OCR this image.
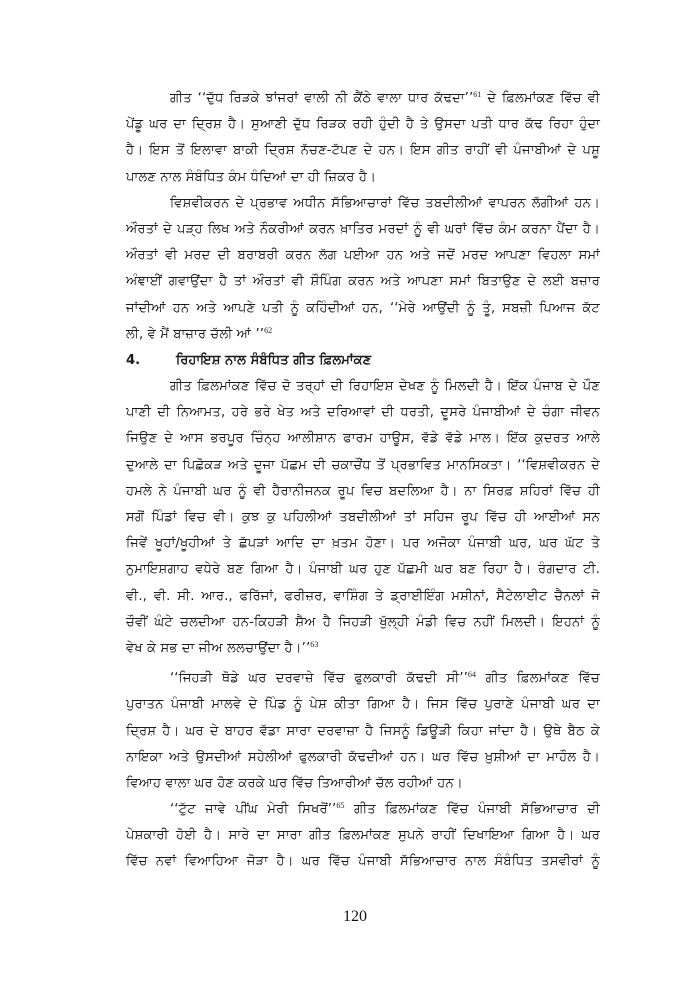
ਗੀਤ ‘‘ਦੁੱਧ ਰਿੜਕੇ ਝਾਂਜਰਾਂ ਵਾਲੀ ਨੀ ਕੈਂਠੇ ਵਾਲਾ ਧਾਰ ਕੱਢਦਾ’’$^{61}$ ਦੇ ਫ਼ਿਲਮਾਂਕਣ ਵਿੱਚ ਵੀ
ਪੇਂਡੂ ਘਰ ਦਾ ਦ੍ਰਿਸ਼ ਹੈ। ਸੁਆਣੀ ਦੁੱਧ ਰਿੜਕ ਰਹੀ ਹੁੰਦੀ ਹੈ ਤੇ ਉਸਦਾ ਪਤੀ ਧਾਰ ਕੱਢ ਰਿਹਾ ਹੁੰਦਾ
ਹੈ। ਇਸ ਤੋਂ ਇਲਾਵਾ ਬਾਕੀ ਦ੍ਰਿਸ਼ ਨੱਚਣ-ਟੱਪਣ ਦੇ ਹਨ। ਇਸ ਗੀਤ ਰਾਹੀਂ ਵੀ ਪੰਜਾਬੀਆਂ ਦੇ ਪਸ਼ੂ
ਪਾਲਣ ਨਾਲ ਸੰਬੰਧਿਤ ਕੰਮ ਧੰਦਿਆਂ ਦਾ ਹੀ ਜ਼ਿਕਰ ਹੈ।
ਵਿਸ਼ਵੀਕਰਨ ਦੇ ਪ੍ਰਭਾਵ ਅਧੀਨ ਸੱਭਿਆਚਾਰਾਂ ਵਿੱਚ ਤਬਦੀਲੀਆਂ ਵਾਪਰਨ ਲੱਗੀਆਂ ਹਨ।
ਔਰਤਾਂ ਦੇ ਪੜ੍ਹ ਲਿਖ ਅਤੇ ਨੌਕਰੀਆਂ ਕਰਨ ਖ਼ਾਤਿਰ ਮਰਦਾਂ ਨੂੰ ਵੀ ਘਰਾਂ ਵਿੱਚ ਕੰਮ ਕਰਨਾ ਪੈਂਦਾ ਹੈ।
ਔਰਤਾਂ ਵੀ ਮਰਦ ਦੀ ਬਰਾਬਰੀ ਕਰਨ ਲੱਗ ਪਈਆ ਹਨ ਅਤੇ ਜਦੋਂ ਮਰਦ ਆਪਣਾ ਵਿਹਲਾ ਸਮਾਂ
ਅੰਞਾਈਂ ਗਵਾਉਂਦਾ ਹੈ ਤਾਂ ਔਰਤਾਂ ਵੀ ਸ਼ੌਪਿੰਗ ਕਰਨ ਅਤੇ ਆਪਣਾ ਸਮਾਂ ਬਿਤਾਉਣ ਦੇ ਲਈ ਬਜ਼ਾਰ
ਜਾਂਦੀਆਂ ਹਨ ਅਤੇ ਆਪਣੇ ਪਤੀ ਨੂੰ ਕਹਿੰਦੀਆਂ ਹਨ, ‘‘ਮੇਰੇ ਆਉਂਦੀ ਨੂੰ ਤੂੰ, ਸਬਜ਼ੀ ਪਿਆਜ ਕੱਟ
ਲੀ, ਵੇ ਮੈਂ ਬਾਜ਼ਾਰ ਚੱਲੀ ਆਂ ’’$^{62}$
4.	ਰਿਹਾਇਸ਼ ਨਾਲ ਸੰਬੰਧਿਤ ਗੀਤ ਫ਼ਿਲਮਾਂਕਣ
ਗੀਤ ਫ਼ਿਲਮਾਂਕਣ ਵਿੱਚ ਦੋ ਤਰ੍ਹਾਂ ਦੀ ਰਿਹਾਇਸ਼ ਦੇਖਣ ਨੂੰ ਮਿਲਦੀ ਹੈ। ਇੱਕ ਪੰਜਾਬ ਦੇ ਪੌਣ
ਪਾਣੀ ਦੀ ਨਿਆਮਤ, ਹਰੇ ਭਰੇ ਖੇਤ ਅਤੇ ਦਰਿਆਵਾਂ ਦੀ ਧਰਤੀ, ਦੂਸਰੇ ਪੰਜਾਬੀਆਂ ਦੇ ਚੰਗਾ ਜੀਵਨ
ਜਿਉਣ ਦੇ ਆਸ ਭਰਪੂਰ ਚਿੰਨ੍ਹ ਆਲੀਸ਼ਾਨ ਫਾਰਮ ਹਾਊਸ, ਵੱਡੇ ਵੱਡੇ ਮਾਲ। ਇੱਕ ਕੁਦਰਤ ਆਲੇ
ਦੁਆਲੇ ਦਾ ਪਿਛੋਕੜ ਅਤੇ ਦੂਜਾ ਪੱਛਮ ਦੀ ਚਕਾਚੌਂਧ ਤੋਂ ਪ੍ਰਭਾਵਿਤ ਮਾਨਸਿਕਤਾ। ‘‘ਵਿਸ਼ਵੀਕਰਨ ਦੇ
ਹਮਲੇ ਨੇ ਪੰਜਾਬੀ ਘਰ ਨੂੰ ਵੀ ਹੈਰਾਨੀਜਨਕ ਰੂਪ ਵਿਚ ਬਦਲਿਆ ਹੈ। ਨਾ ਸਿਰਫ਼ ਸ਼ਹਿਰਾਂ ਵਿੱਚ ਹੀ
ਸਗੋਂ ਪਿੰਡਾਂ ਵਿਚ ਵੀ। ਕੁਝ ਕੁ ਪਹਿਲੀਆਂ ਤਬਦੀਲੀਆਂ ਤਾਂ ਸਹਿਜ ਰੂਪ ਵਿੱਚ ਹੀ ਆਈਆਂ ਸਨ
ਜਿਵੇਂ ਖੂਹਾਂ/ਖੂਹੀਆਂ ਤੇ ਛੱਪੜਾਂ ਆਦਿ ਦਾ ਖ਼ਤਮ ਹੋਣਾ। ਪਰ ਅਜੋਕਾ ਪੰਜਾਬੀ ਘਰ, ਘਰ ਘੱਟ ਤੇ
ਨੁਮਾਇਸ਼ਗਾਹ ਵਧੇਰੇ ਬਣ ਗਿਆ ਹੈ। ਪੰਜਾਬੀ ਘਰ ਹੁਣ ਪੱਛਮੀ ਘਰ ਬਣ ਰਿਹਾ ਹੈ। ਰੰਗਦਾਰ ਟੀ.
ਵੀ., ਵੀ. ਸੀ. ਆਰ., ਫਰਿੱਜਾਂ, ਫਰੀਜ਼ਰ, ਵਾਸ਼ਿੰਗ ਤੇ ਡ੍ਰਾਈਇੰਗ ਮਸ਼ੀਨਾਂ, ਸੈਟੇਲਾਈਟ ਚੈਨਲਾਂ ਜੋ
ਚੌਵੀਂ ਘੰਟੇ ਚਲਦੀਆ ਹਨ-ਕਿਹੜੀ ਸ਼ੈਅ ਹੈ ਜਿਹੜੀ ਖੁੱਲ੍ਹੀ ਮੰਡੀ ਵਿਚ ਨਹੀਂ ਮਿਲਦੀ। ਇਹਨਾਂ ਨੂੰ
ਵੇਖ ਕੇ ਸਭ ਦਾ ਜੀਅ ਲਲਚਾਉਂਦਾ ਹੈ।’’$^{63}$
‘‘ਜਿਹੜੀ ਥੋਡੇ ਘਰ ਦਰਵਾਜ਼ੇ ਵਿੱਚ ਫੁਲਕਾਰੀ ਕੱਢਦੀ ਸੀ’’$^{64}$ ਗੀਤ ਫ਼ਿਲਮਾਂਕਣ ਵਿੱਚ
ਪੁਰਾਤਨ ਪੰਜਾਬੀ ਮਾਲਵੇ ਦੇ ਪਿੰਡ ਨੂੰ ਪੇਸ਼ ਕੀਤਾ ਗਿਆ ਹੈ। ਜਿਸ ਵਿੱਚ ਪੁਰਾਣੇ ਪੰਜਾਬੀ ਘਰ ਦਾ
ਦ੍ਰਿਸ਼ ਹੈ। ਘਰ ਦੇ ਬਾਹਰ ਵੱਡਾ ਸਾਰਾ ਦਰਵਾਜ਼ਾ ਹੈ ਜਿਸਨੂੰ ਡਿਊੜੀ ਕਿਹਾ ਜਾਂਦਾ ਹੈ। ਉਥੇ ਬੈਠ ਕੇ
ਨਾਇਕਾ ਅਤੇ ਉਸਦੀਆਂ ਸਹੇਲੀਆਂ ਫੁਲਕਾਰੀ ਕੱਢਦੀਆਂ ਹਨ। ਘਰ ਵਿੱਚ ਖ਼ੁਸ਼ੀਆਂ ਦਾ ਮਾਹੌਲ ਹੈ।
ਵਿਆਹ ਵਾਲਾ ਘਰ ਹੋਣ ਕਰਕੇ ਘਰ ਵਿੱਚ ਤਿਆਰੀਆਂ ਚੱਲ ਰਹੀਆਂ ਹਨ।
‘‘ਟੁੱਟ ਜਾਵੇ ਪੀਂਘ ਮੇਰੀ ਸਿਖਰੋਂ’’$^{65}$ ਗੀਤ ਫ਼ਿਲਮਾਂਕਣ ਵਿੱਚ ਪੰਜਾਬੀ ਸੱਭਿਆਚਾਰ ਦੀ
ਪੇਸ਼ਕਾਰੀ ਹੋਈ ਹੈ। ਸਾਰੇ ਦਾ ਸਾਰਾ ਗੀਤ ਫ਼ਿਲਮਾਂਕਣ ਸੁਪਨੇ ਰਾਹੀਂ ਦਿਖਾਇਆ ਗਿਆ ਹੈ। ਘਰ
ਵਿੱਚ ਨਵਾਂ ਵਿਆਹਿਆ ਜੋੜਾ ਹੈ। ਘਰ ਵਿੱਚ ਪੰਜਾਬੀ ਸੱਭਿਆਚਾਰ ਨਾਲ ਸੰਬੰਧਿਤ ਤਸਵੀਰਾਂ ਨੂੰ
120
